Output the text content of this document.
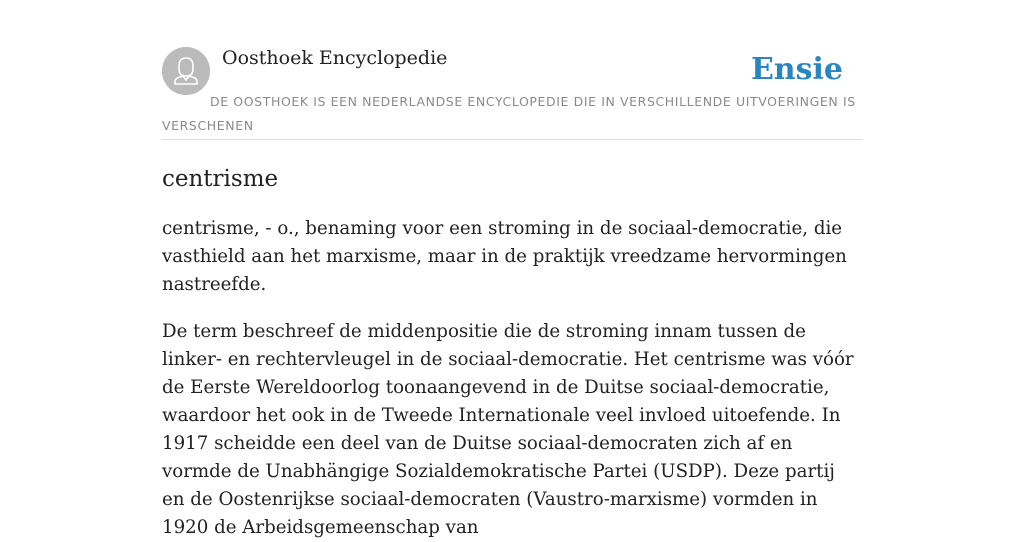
Oosthoek Encyclopedie	Ensie
DE OOSTHOEK IS EEN NEDERLANDSE ENCYCLOPEDIE DIE IN VERSCHILLENDE UITVOERINGEN IS VERSCHENEN
centrisme

centrisme, - o., benaming voor een stroming in de sociaal-democratie, die vasthield aan het marxisme, maar in de praktijk vreedzame hervormingen nastreefde.

De term beschreef de middenpositie die de stroming innam tussen de linker- en rechtervleugel in de sociaal-democratie. Het centrisme was vóór de Eerste Wereldoorlog toonaangevend in de Duitse sociaal-democratie, waardoor het ook in de Tweede Internationale veel invloed uitoefende. In 1917 scheidde een deel van de Duitse sociaal-democraten zich af en vormde de Unabhängige Sozialdemokratische Partei (USDP). Deze partij en de Oostenrijkse sociaal-democraten (Vaustro-marxisme) vormden in 1920 de Arbeidsgemeenschap van
